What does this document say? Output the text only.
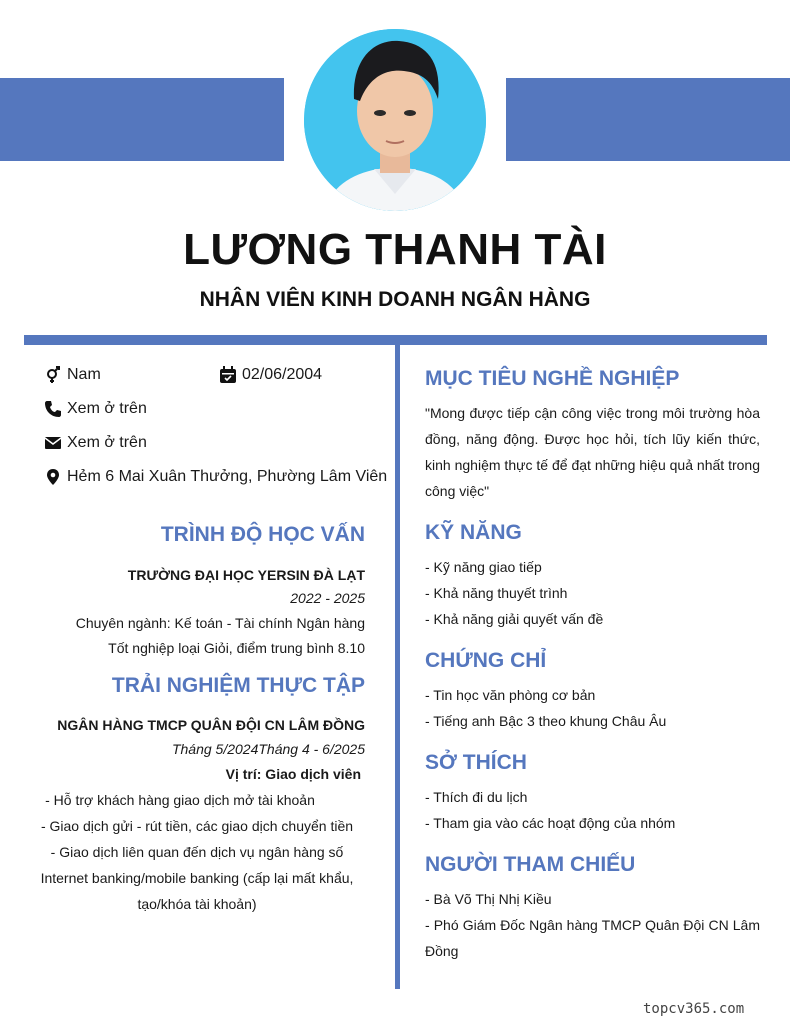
LƯƠNG THANH TÀI
NHÂN VIÊN KINH DOANH NGÂN HÀNG
Nam	02/06/2004
Xem ở trên
Xem ở trên
Hẻm 6 Mai Xuân Thưởng, Phường Lâm Viên
TRÌNH ĐỘ HỌC VẤN
TRƯỜNG ĐẠI HỌC YERSIN ĐÀ LẠT
2022 - 2025
Chuyên ngành: Kế toán - Tài chính Ngân hàng
Tốt nghiệp loại Giỏi, điểm trung bình 8.10
TRẢI NGHIỆM THỰC TẬP
NGÂN HÀNG TMCP QUÂN ĐỘI CN LÂM ĐỒNG
Tháng 5/2024Tháng 4 - 6/2025
Vị trí: Giao dịch viên
- Hỗ trợ khách hàng giao dịch mở tài khoản
- Giao dịch gửi - rút tiền, các giao dịch chuyển tiền
- Giao dịch liên quan đến dịch vụ ngân hàng số
Internet banking/mobile banking (cấp lại mất khẩu,
tạo/khóa tài khoản)
MỤC TIÊU NGHỀ NGHIỆP
"Mong được tiếp cận công việc trong môi trường hòa đồng, năng động. Được học hỏi, tích lũy kiến thức, kinh nghiệm thực tế để đạt những hiệu quả nhất trong công việc"
KỸ NĂNG
- Kỹ năng giao tiếp
- Khả năng thuyết trình
- Khả năng giải quyết vấn đề
CHỨNG CHỈ
- Tin học văn phòng cơ bản
- Tiếng anh Bậc 3 theo khung Châu Âu
SỞ THÍCH
- Thích đi du lịch
- Tham gia vào các hoạt động của nhóm
NGƯỜI THAM CHIẾU
- Bà Võ Thị Nhị Kiều
- Phó Giám Đốc Ngân hàng TMCP Quân Đội CN Lâm Đồng
topcv365.com
